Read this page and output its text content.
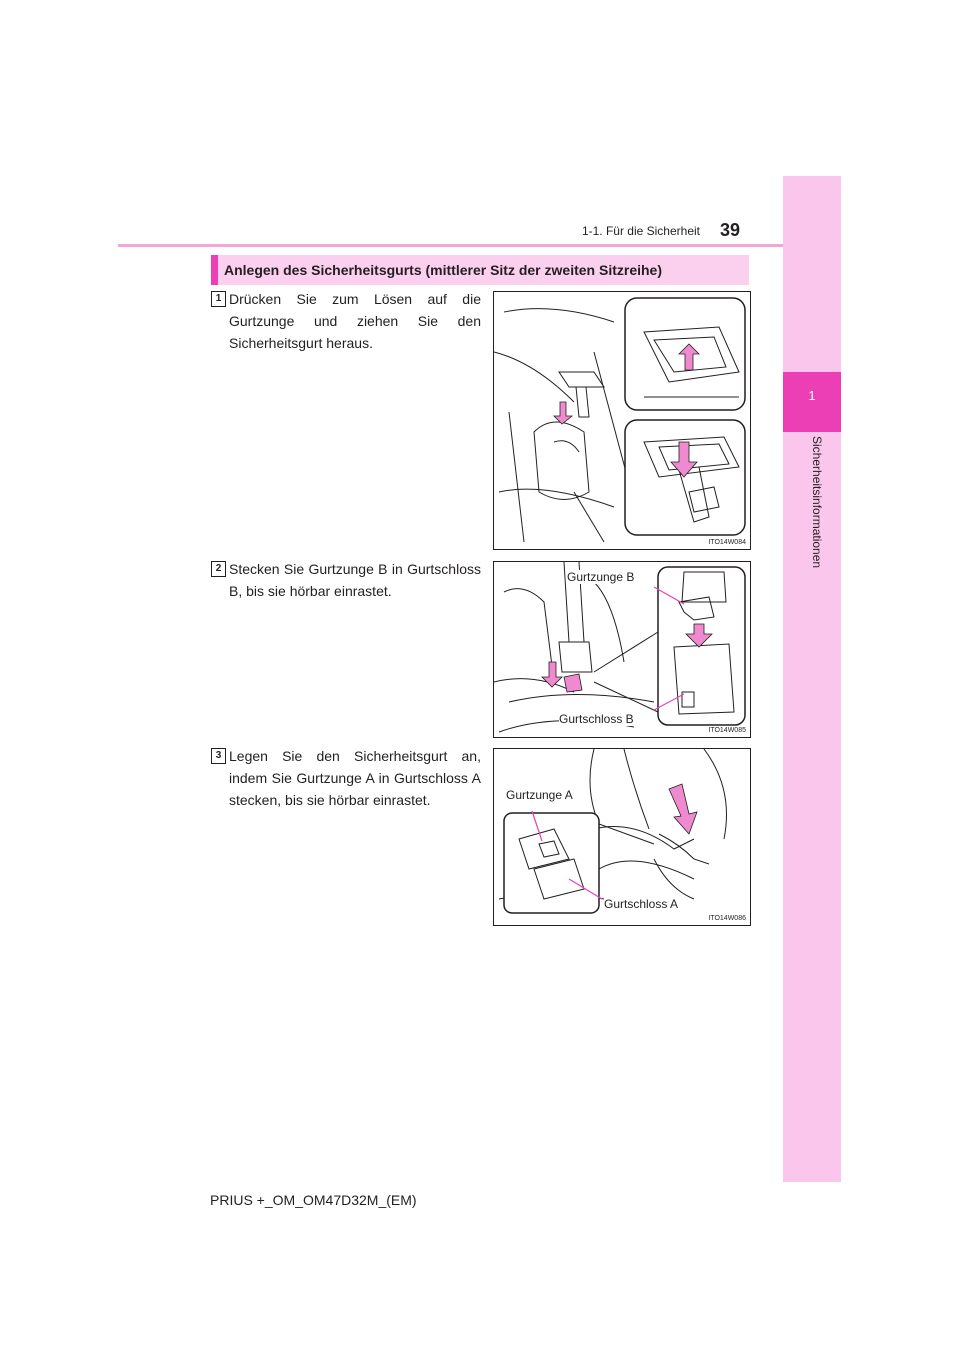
1
Sicherheitsinformationen
1-1. Für die Sicherheit 39
Anlegen des Sicherheitsgurts (mittlerer Sitz der zweiten Sitzreihe)
1 Drücken Sie zum Lösen auf die Gurtzunge und ziehen Sie den Sicherheitsgurt heraus.
ITO14W084
2 Stecken Sie Gurtzunge B in Gurtschloss B, bis sie hörbar einrastet.
Gurtzunge B
Gurtschloss B
ITO14W085
3 Legen Sie den Sicherheitsgurt an, indem Sie Gurtzunge A in Gurtschloss A stecken, bis sie hörbar einrastet.	Gurtzunge A
Gurtschloss A
ITO14W086
PRIUS +_OM_OM47D32M_(EM)
